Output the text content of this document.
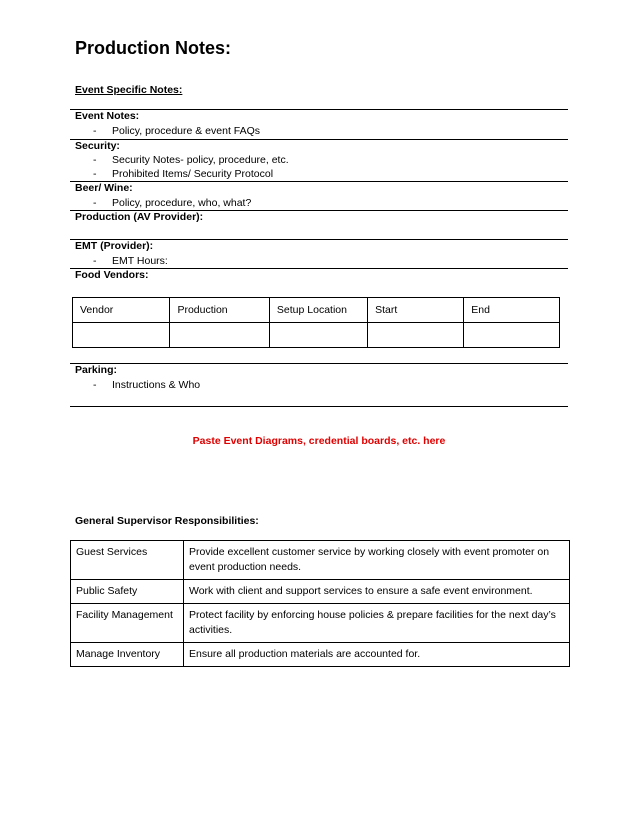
Production Notes:
Event Specific Notes:
Event Notes:
- Policy, procedure & event FAQs
Security:
- Security Notes- policy, procedure, etc.
- Prohibited Items/ Security Protocol
Beer/ Wine:
- Policy, procedure, who, what?
Production (AV Provider):
EMT (Provider):
- EMT Hours:
Food Vendors:
Vendor	Production	Setup Location	Start	End

Parking:
- Instructions & Who
Paste Event Diagrams, credential boards, etc. here
General Supervisor Responsibilities:
Guest Services	Provide excellent customer service by working closely with event promoter on event production needs.
Public Safety	Work with client and support services to ensure a safe event environment.
Facility Management	Protect facility by enforcing house policies & prepare facilities for the next day’s activities.
Manage Inventory	Ensure all production materials are accounted for.
